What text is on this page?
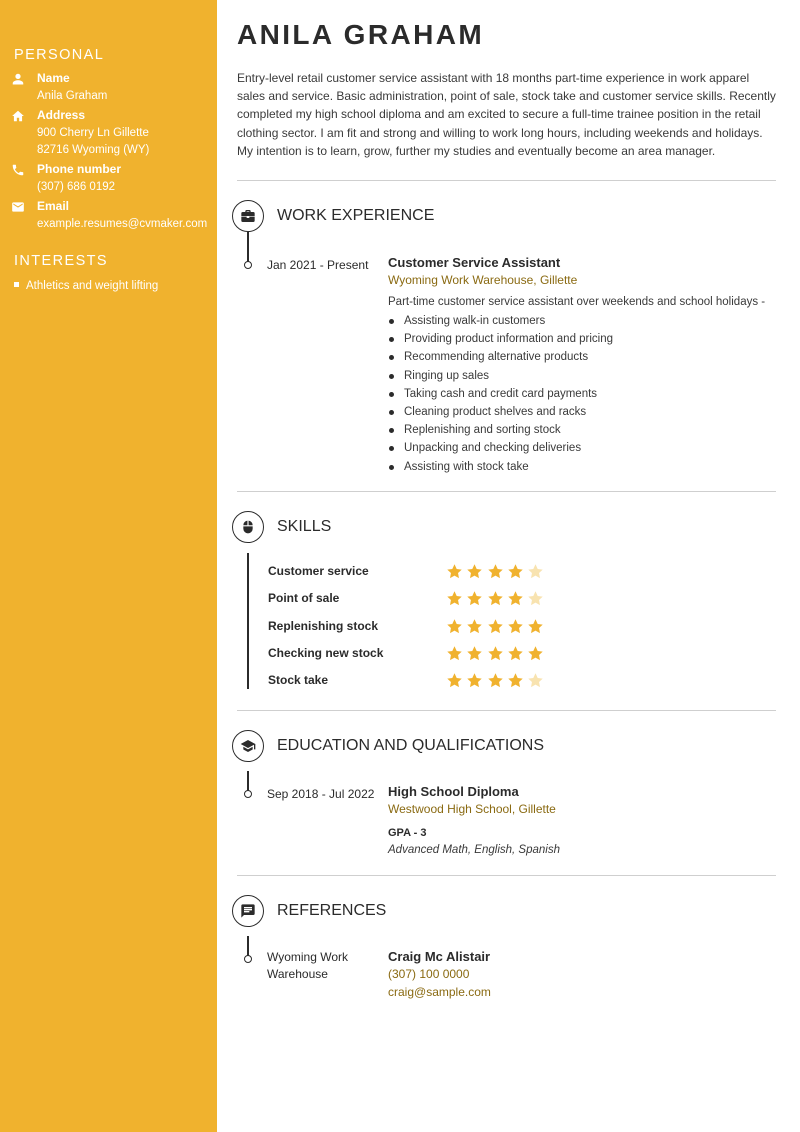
PERSONAL
Name
Anila Graham
Address
900 Cherry Ln Gillette
82716 Wyoming (WY)
Phone number
(307) 686 0192
Email
example.resumes@cvmaker.com
INTERESTS
Athletics and weight lifting
ANILA GRAHAM
Entry-level retail customer service assistant with 18 months part-time experience in work apparel sales and service. Basic administration, point of sale, stock take and customer service skills. Recently completed my high school diploma and am excited to secure a full-time trainee position in the retail clothing sector. I am fit and strong and willing to work long hours, including weekends and holidays. My intention is to learn, grow, further my studies and eventually become an area manager.
WORK EXPERIENCE
Jan 2021 - Present Customer Service Assistant
Wyoming Work Warehouse, Gillette
Part-time customer service assistant over weekends and school holidays -
Assisting walk-in customers
Providing product information and pricing
Recommending alternative products
Ringing up sales
Taking cash and credit card payments
Cleaning product shelves and racks
Replenishing and sorting stock
Unpacking and checking deliveries
Assisting with stock take
SKILLS
Customer service
Point of sale
Replenishing stock
Checking new stock
Stock take
EDUCATION AND QUALIFICATIONS
Sep 2018 - Jul 2022 High School Diploma
Westwood High School, Gillette
GPA - 3
Advanced Math, English, Spanish
REFERENCES
Wyoming Work
Warehouse
Craig Mc Alistair
(307) 100 0000
craig@sample.com
